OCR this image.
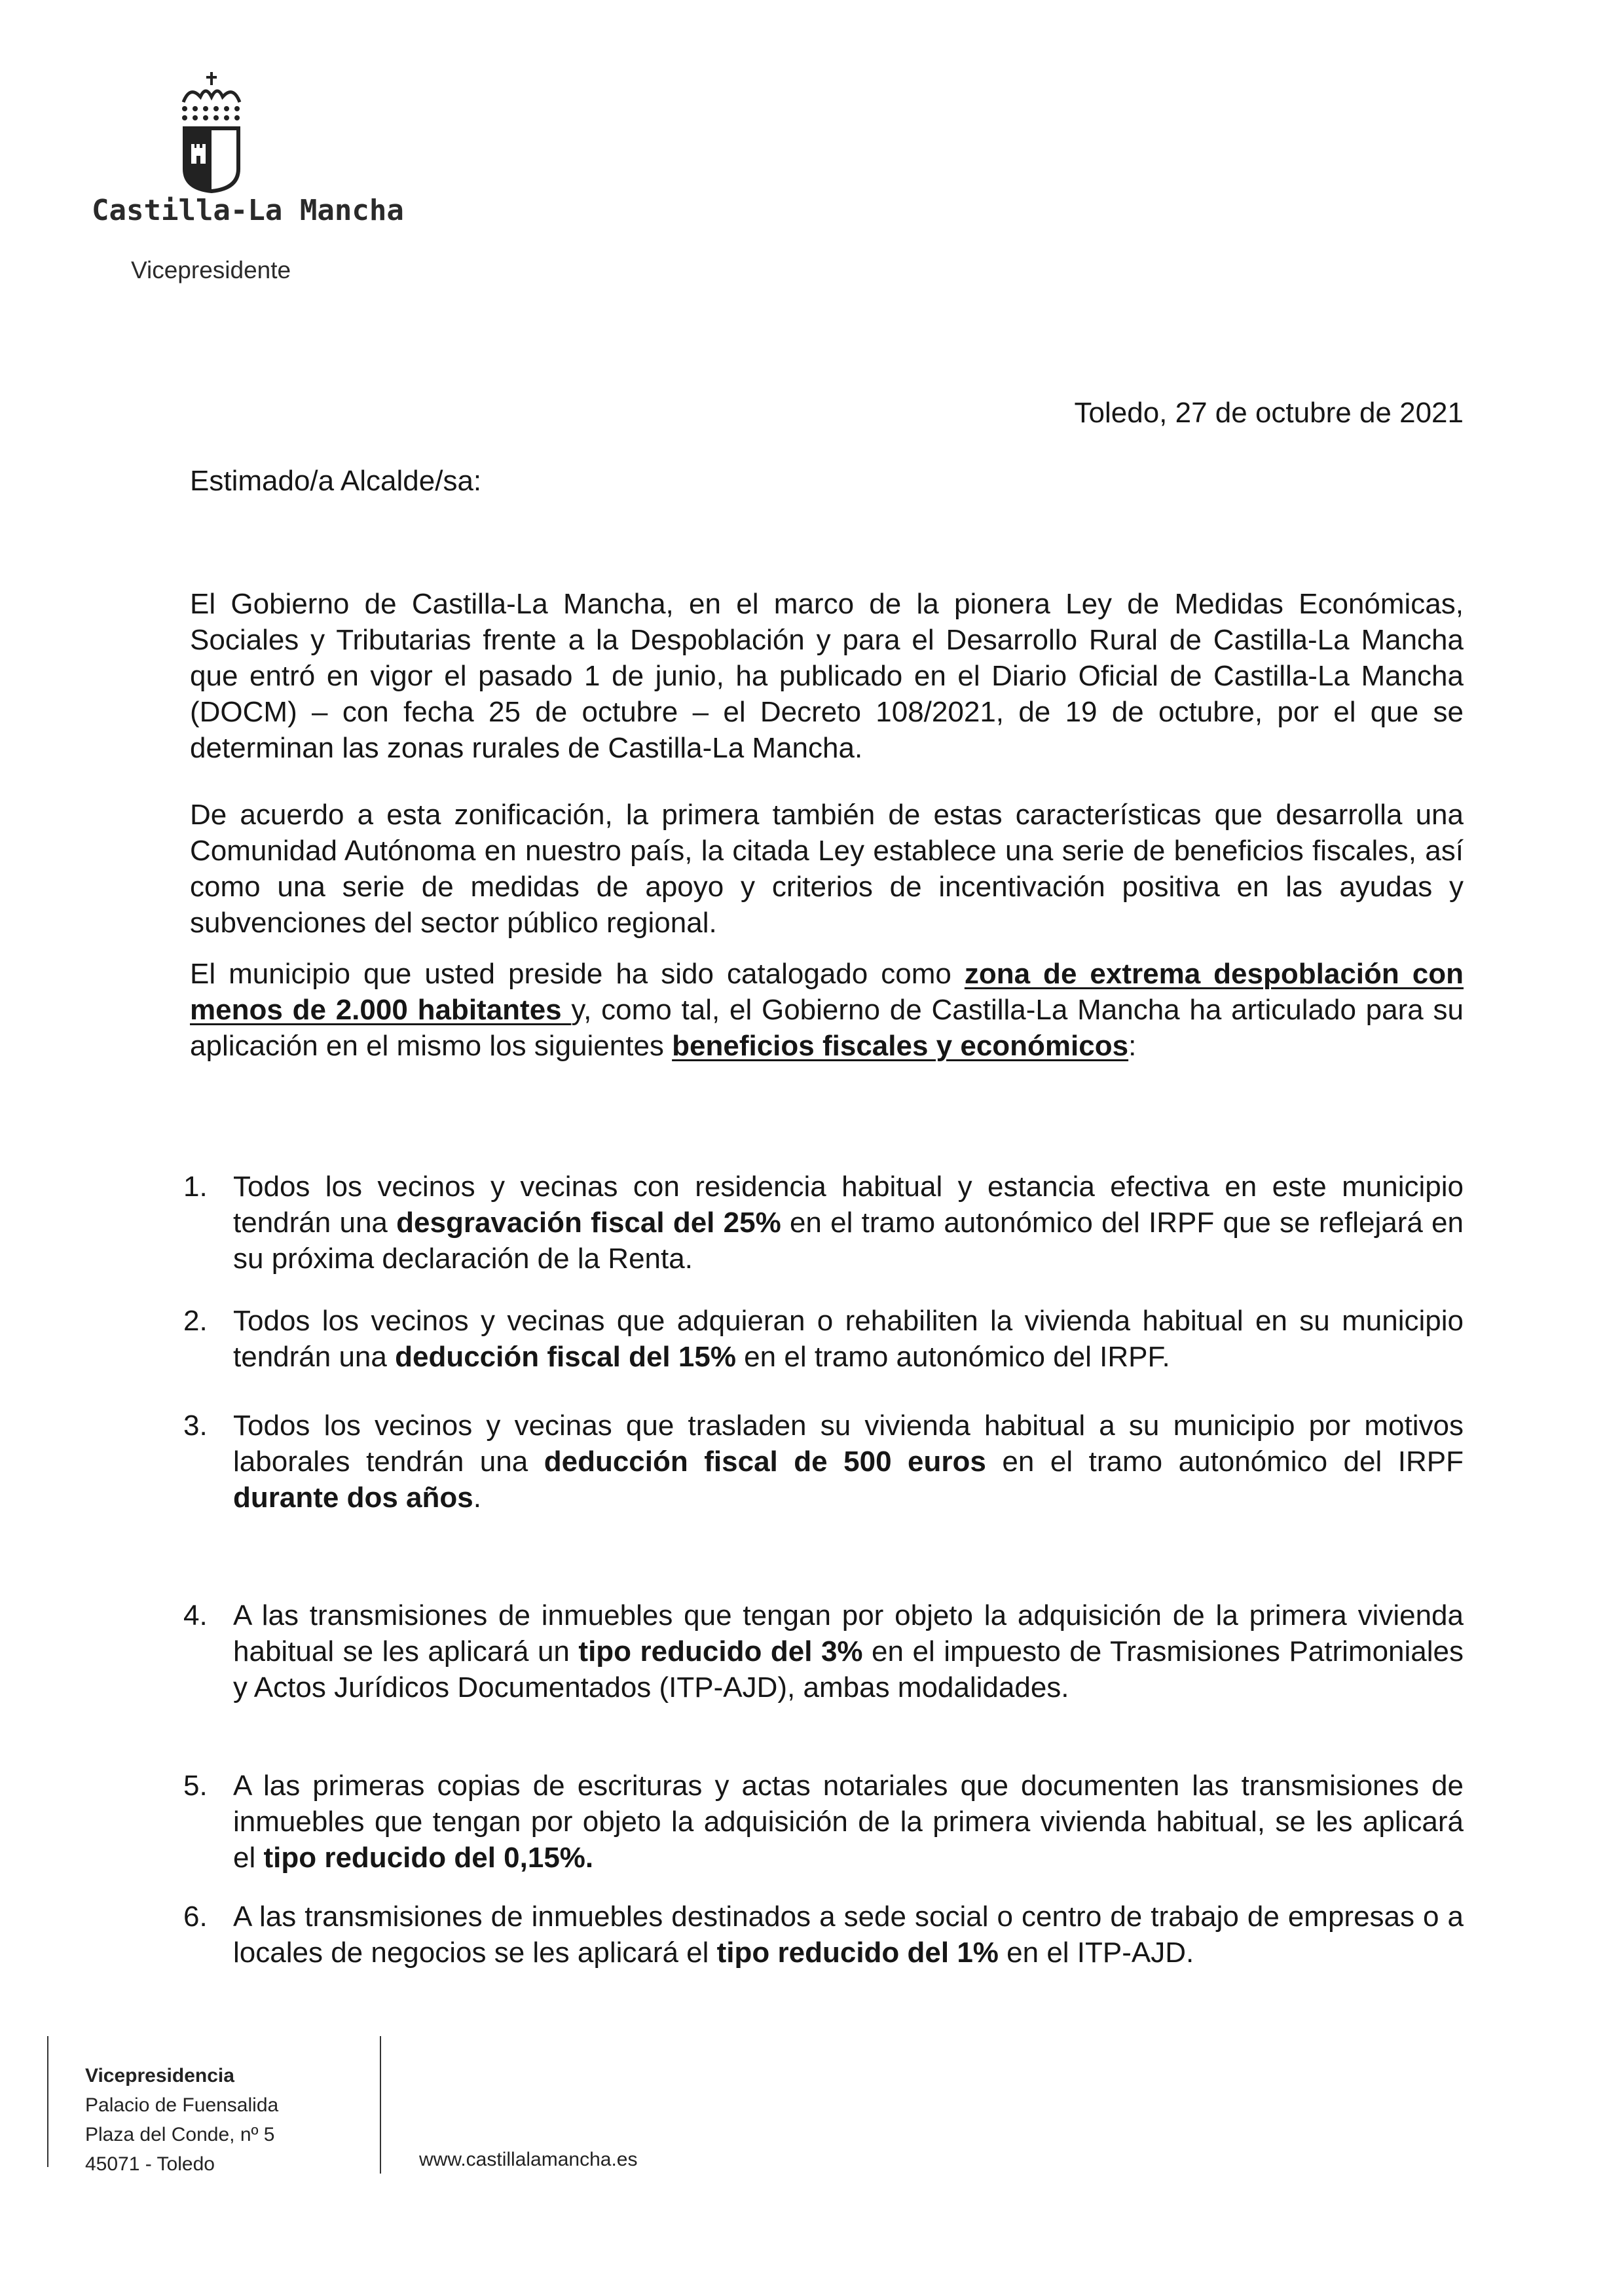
Castilla-La Mancha
Vicepresidente
Toledo, 27 de octubre de 2021
Estimado/a Alcalde/sa:

El Gobierno de Castilla-La Mancha, en el marco de la pionera Ley de Medidas Económicas, Sociales y Tributarias frente a la Despoblación y para el Desarrollo Rural de Castilla-La Mancha que entró en vigor el pasado 1 de junio, ha publicado en el Diario Oficial de Castilla-La Mancha (DOCM) – con fecha 25 de octubre – el Decreto 108/2021, de 19 de octubre, por el que se determinan las zonas rurales de Castilla-La Mancha.

De acuerdo a esta zonificación, la primera también de estas características que desarrolla una Comunidad Autónoma en nuestro país, la citada Ley establece una serie de beneficios fiscales, así como una serie de medidas de apoyo y criterios de incentivación positiva en las ayudas y subvenciones del sector público regional.

El municipio que usted preside ha sido catalogado como zona de extrema despoblación con menos de 2.000 habitantes y, como tal, el Gobierno de Castilla-La Mancha ha articulado para su aplicación en el mismo los siguientes beneficios fiscales y económicos:

1. Todos los vecinos y vecinas con residencia habitual y estancia efectiva en este municipio tendrán una desgravación fiscal del 25% en el tramo autonómico del IRPF que se reflejará en su próxima declaración de la Renta.
2. Todos los vecinos y vecinas que adquieran o rehabiliten la vivienda habitual en su municipio tendrán una deducción fiscal del 15% en el tramo autonómico del IRPF.
3. Todos los vecinos y vecinas que trasladen su vivienda habitual a su municipio por motivos laborales tendrán una deducción fiscal de 500 euros en el tramo autonómico del IRPF durante dos años.
4. A las transmisiones de inmuebles que tengan por objeto la adquisición de la primera vivienda habitual se les aplicará un tipo reducido del 3% en el impuesto de Trasmisiones Patrimoniales y Actos Jurídicos Documentados (ITP-AJD), ambas modalidades.
5. A las primeras copias de escrituras y actas notariales que documenten las transmisiones de inmuebles que tengan por objeto la adquisición de la primera vivienda habitual, se les aplicará el tipo reducido del 0,15%.
6. A las transmisiones de inmuebles destinados a sede social o centro de trabajo de empresas o a locales de negocios se les aplicará el tipo reducido del 1% en el ITP-AJD.
Vicepresidencia
Palacio de Fuensalida
Plaza del Conde, nº 5
45071 - Toledo	www.castillalamancha.es
